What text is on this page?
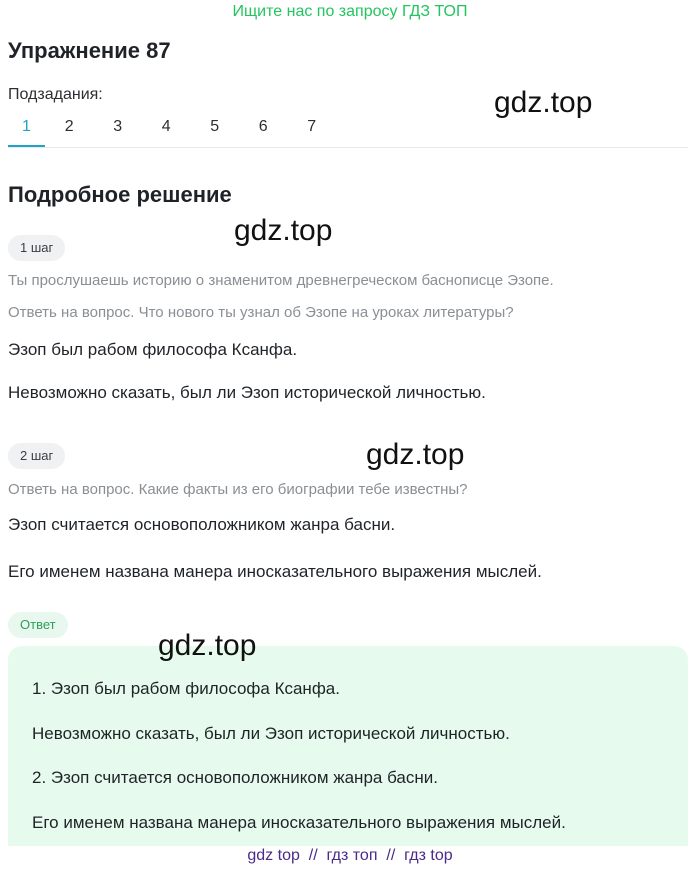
Ищите нас по запросу ГДЗ ТОП
Упражнение 87
Подзадания:	gdz.top
1	2	3	4	5	6	7
Подробное решение
gdz.top
1 шаг
Ты прослушаешь историю о знаменитом древнегреческом баснописце Эзопе.
Ответь на вопрос. Что нового ты узнал об Эзопе на уроках литературы?
Эзоп был рабом философа Ксанфа.
Невозможно сказать, был ли Эзоп исторической личностью.
2 шаг	gdz.top
Ответь на вопрос. Какие факты из его биографии тебе известны?
Эзоп считается основоположником жанра басни.
Его именем названа манера иносказательного выражения мыслей.
Ответ
1. Эзоп был рабом философа Ксанфа.
Невозможно сказать, был ли Эзоп исторической личностью.
2. Эзоп считается основоположником жанра басни.
Его именем названа манера иносказательного выражения мыслей.
gdz.top
gdz top  //  гдз топ  //  гдз top
